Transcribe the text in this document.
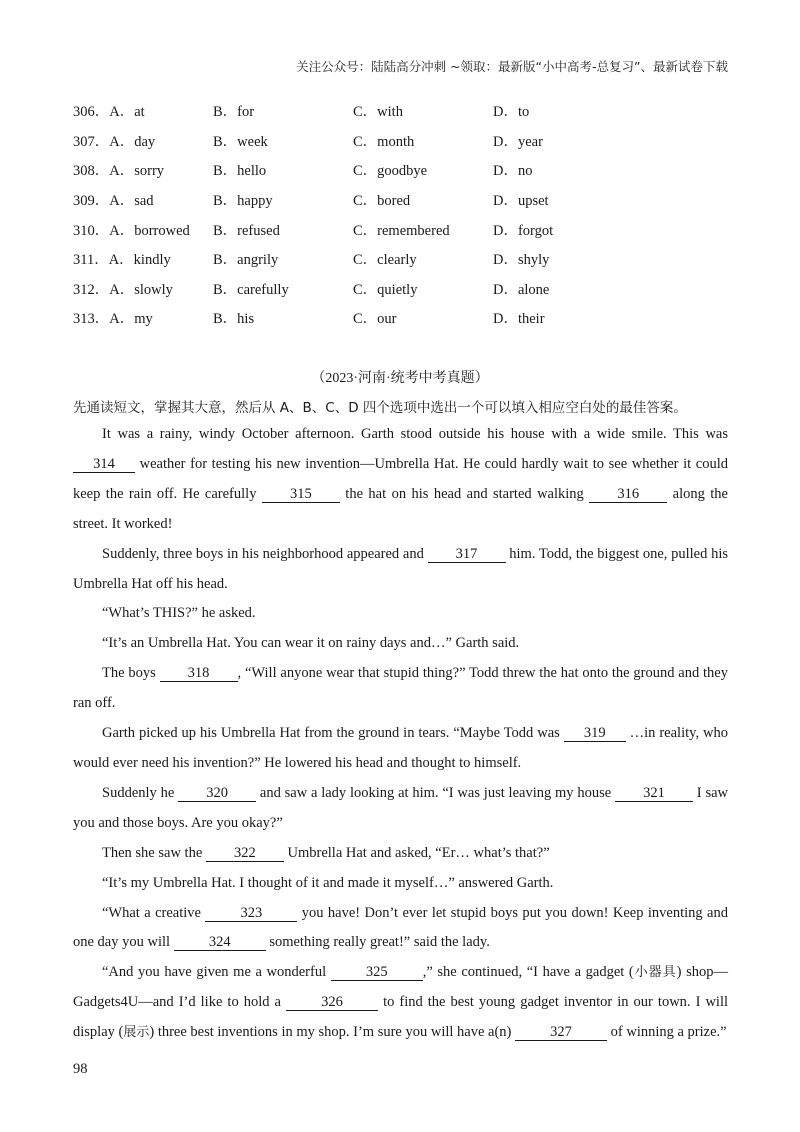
关注公众号：陆陆高分冲刺 ~领取：最新版“小中高考-总复习”、最新试卷下载
306．A．at	B．for	C．with	D．to
307．A．day	B．week	C．month	D．year
308．A．sorry	B．hello	C．goodbye	D．no
309．A．sad	B．happy	C．bored	D．upset
310．A．borrowed	B．refused	C．remembered	D．forgot
311．A．kindly	B．angrily	C．clearly	D．shyly
312．A．slowly	B．carefully	C．quietly	D．alone
313．A．my	B．his	C．our	D．their
（2023·河南·统考中考真题）
先通读短文，掌握其大意，然后从 A、B、C、D 四个选项中选出一个可以填入相应空白处的最佳答案。

It was a rainy, windy October afternoon. Garth stood outside his house with a wide smile. This was 314 weather for testing his new invention—Umbrella Hat. He could hardly wait to see whether it could keep the rain off. He carefully 315 the hat on his head and started walking 316 along the street. It worked!

Suddenly, three boys in his neighborhood appeared and 317 him. Todd, the biggest one, pulled his Umbrella Hat off his head.

“What’s THIS?” he asked.

“It’s an Umbrella Hat. You can wear it on rainy days and…” Garth said.

The boys 318 , “Will anyone wear that stupid thing?” Todd threw the hat onto the ground and they ran off.

Garth picked up his Umbrella Hat from the ground in tears. “Maybe Todd was 319 …in reality, who would ever need his invention?” He lowered his head and thought to himself.

Suddenly he 320 and saw a lady looking at him. “I was just leaving my house 321 I saw you and those boys. Are you okay?”

Then she saw the 322 Umbrella Hat and asked, “Er… what’s that?”

“It’s my Umbrella Hat. I thought of it and made it myself…” answered Garth.

“What a creative 323 you have! Don’t ever let stupid boys put you down! Keep inventing and one day you will 324 something really great!” said the lady.

“And you have given me a wonderful 325 ,” she continued, “I have a gadget (小器具) shop—Gadgets4U—and I’d like to hold a 326 to find the best young gadget inventor in our town. I will display (展示) three best inventions in my shop. I’m sure you will have a(n) 327 of winning a prize.”

98
